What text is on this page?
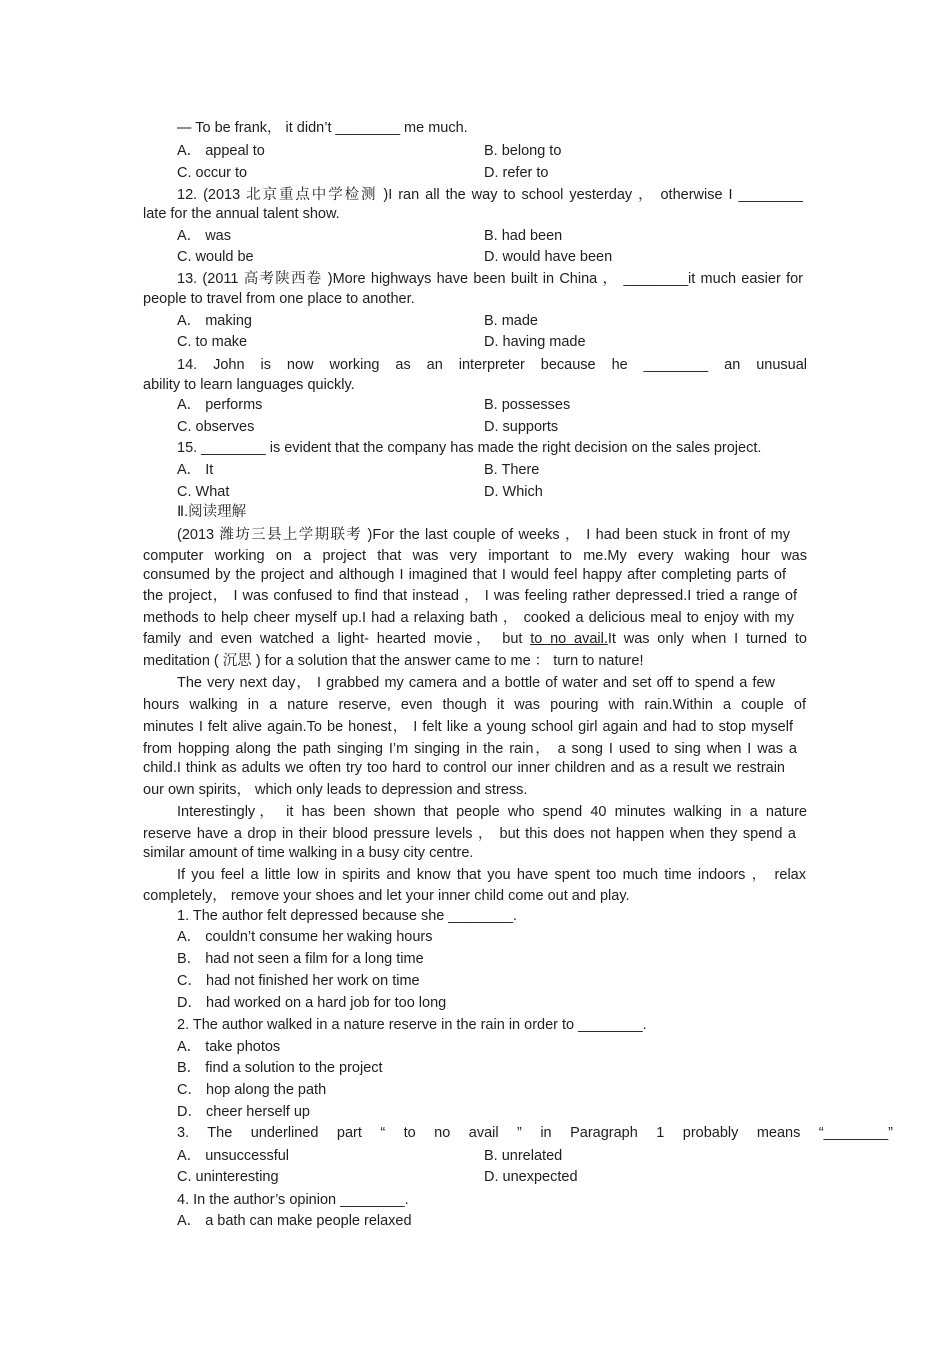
— To be frank， it didn’t ________ me much.
A． appeal to	B. belong to
C. occur to	D. refer to
12. (2013 北京重点中学检测 )I ran all the way to school yesterday ， otherwise I ________
late for the annual talent show.
A． was	B. had been
C. would be	D. would have been
13. (2011 高考陕西卷 )More highways have been built in China ， ________it much easier for
people to travel from one place to another.
A． making	B. made
C. to make	D. having made
14. John is now working as an interpreter because he ________ an unusual
ability to learn languages quickly.
A． performs	B. possesses
C. observes	D. supports
15. ________ is evident that the company has made the right decision on the sales project.
A． It	B. There
C. What	D. Which
Ⅱ.阅读理解
(2013 潍坊三县上学期联考 )For the last couple of weeks ， I had been stuck in front of my
computer working on a project that was very important to me.My every waking hour was
consumed by the project and although I imagined that I would feel happy after completing parts of
the project， I was confused to find that instead ， I was feeling rather depressed.I tried a range of
methods to help cheer myself up.I had a relaxing bath ， cooked a delicious meal to enjoy with my
family and even watched a light- hearted movie， but to no avail.It was only when I turned to
meditation ( 沉思 ) for a solution that the answer came to me ： turn to nature!
The very next day， I grabbed my camera and a bottle of water and set off to spend a few
hours walking in a nature reserve, even though it was pouring with rain.Within a couple of
minutes I felt alive again.To be honest， I felt like a young school girl again and had to stop myself
from hopping along the path singing I’m singing in the rain， a song I used to sing when I was a
child.I think as adults we often try too hard to control our inner children and as a result we restrain
our own spirits， which only leads to depression and stress.
Interestingly， it has been shown that people who spend 40 minutes walking in a nature
reserve have a drop in their blood pressure levels ， but this does not happen when they spend a
similar amount of time walking in a busy city centre.
If you feel a little low in spirits and know that you have spent too much time indoors ， relax
completely， remove your shoes and let your inner child come out and play.
1. The author felt depressed because she ________.
A． couldn’t consume her waking hours
B． had not seen a film for a long time
C． had not finished her work on time
D． had worked on a hard job for too long
2. The author walked in a nature reserve in the rain in order to ________.
A． take photos
B． find a solution to the project
C． hop along the path
D． cheer herself up
3. The underlined part “ to no avail ” in Paragraph 1 probably means “________”
A． unsuccessful	B. unrelated
C. uninteresting	D. unexpected
4. In the author’s opinion ________.
A． a bath can make people relaxed
